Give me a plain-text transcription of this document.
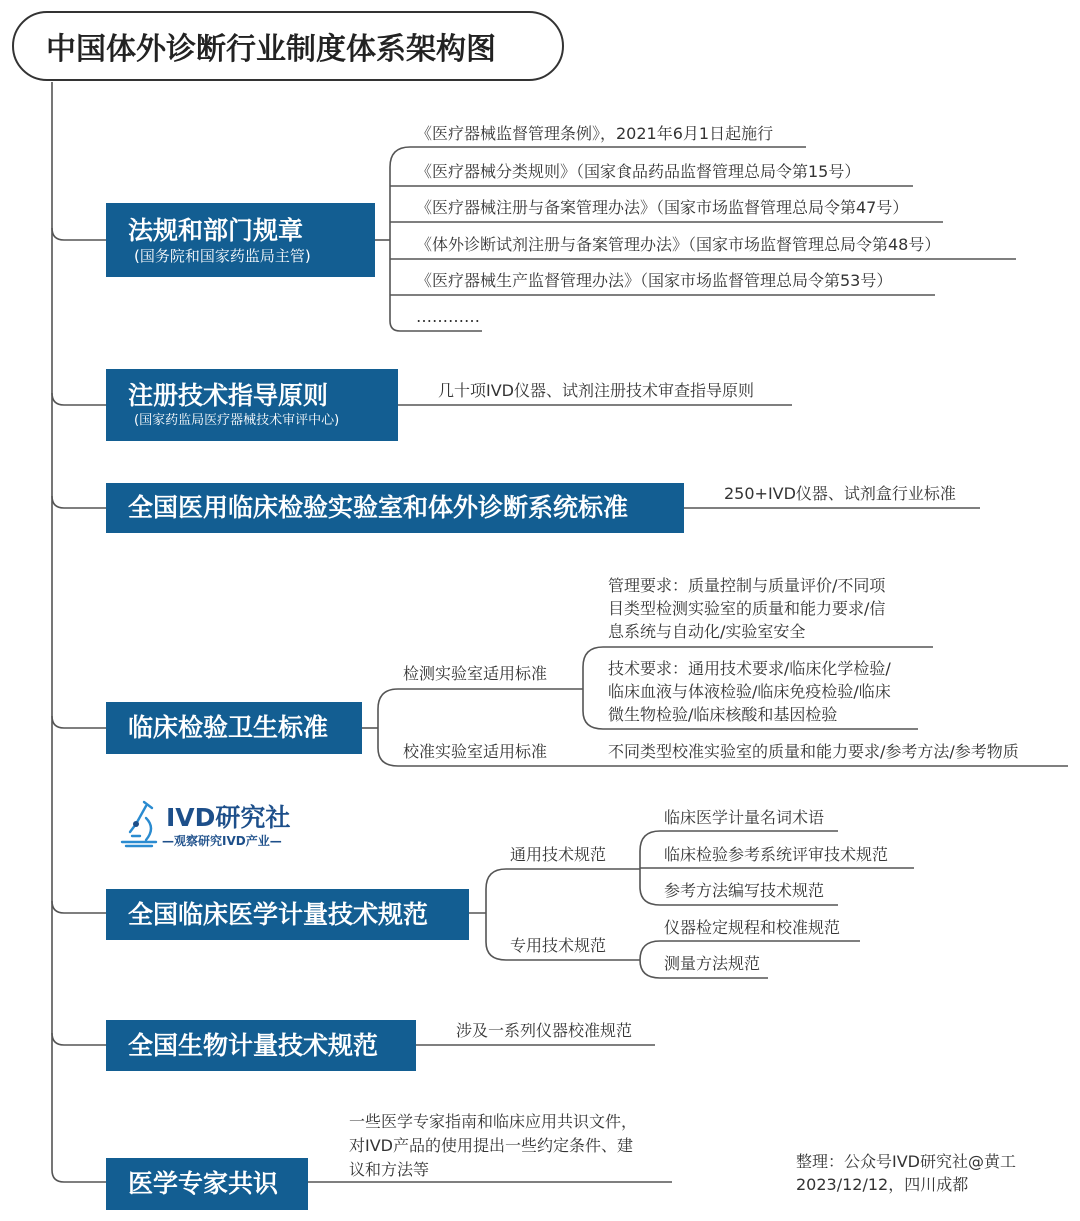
中国体外诊断行业制度体系架构图
法规和部门规章
(国务院和国家药监局主管)
《医疗器械监督管理条例》，2021年6月1日起施行
《医疗器械分类规则》（国家食品药品监督管理总局令第15号）
《医疗器械注册与备案管理办法》（国家市场监督管理总局令第47号）
《体外诊断试剂注册与备案管理办法》（国家市场监督管理总局令第48号）
《医疗器械生产监督管理办法》（国家市场监督管理总局令第53号）
…………
注册技术指导原则
(国家药监局医疗器械技术审评中心)
几十项IVD仪器、试剂注册技术审查指导原则
全国医用临床检验实验室和体外诊断系统标准	250+IVD仪器、试剂盒行业标准
临床检验卫生标准
检测实验室适用标准
管理要求：质量控制与质量评价/不同项
目类型检测实验室的质量和能力要求/信
息系统与自动化/实验室安全
技术要求：通用技术要求/临床化学检验/
临床血液与体液检验/临床免疫检验/临床
微生物检验/临床核酸和基因检验
校准实验室适用标准	不同类型校准实验室的质量和能力要求/参考方法/参考物质
IVD研究社
—观察研究IVD产业—
全国临床医学计量技术规范
通用技术规范
临床医学计量名词术语
临床检验参考系统评审技术规范
参考方法编写技术规范
专用技术规范
仪器检定规程和校准规范
测量方法规范
全国生物计量技术规范	涉及一系列仪器校准规范
医学专家共识
一些医学专家指南和临床应用共识文件，
对IVD产品的使用提出一些约定条件、建
议和方法等	整理：公众号IVD研究社@黄工
2023/12/12，四川成都
